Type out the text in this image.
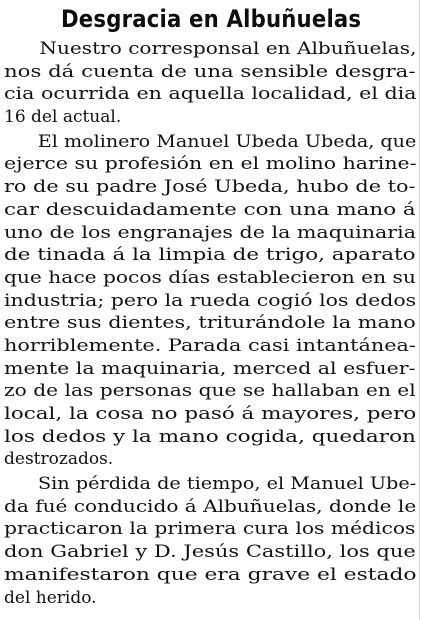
Desgracia en Albuñuelas
Nuestro corresponsal en Albuñuelas,
nos dá cuenta de una sensible desgra-
cia ocurrida en aquella localidad, el dia
16 del actual.
El molinero Manuel Ubeda Ubeda, que
ejerce su profesión en el molino harine-
ro de su padre José Ubeda, hubo de to-
car descuidadamente con una mano á
uno de los engranajes de la maquinaria
de tinada á la limpia de trigo, aparato
que hace pocos días establecieron en su
industria; pero la rueda cogió los dedos
entre sus dientes, triturándole la mano
horriblemente. Parada casi intantánea-
mente la maquinaria, merced al esfuer-
zo de las personas que se hallaban en el
local, la cosa no pasó á mayores, pero
los dedos y la mano cogida, quedaron
destrozados.
Sin pérdida de tiempo, el Manuel Ube-
da fué conducido á Albuñuelas, donde le
practicaron la primera cura los médicos
don Gabriel y D. Jesús Castillo, los que
manifestaron que era grave el estado
del herido.
